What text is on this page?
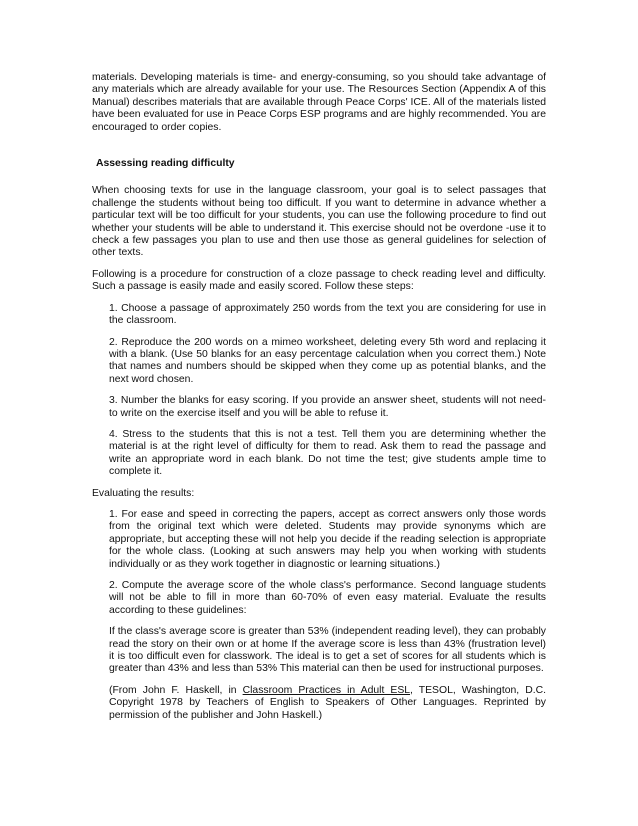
materials. Developing materials is time- and energy-consuming, so you should take advantage of any materials which are already available for your use. The Resources Section (Appendix A of this Manual) describes materials that are available through Peace Corps' ICE. All of the materials listed have been evaluated for use in Peace Corps ESP programs and are highly recommended. You are encouraged to order copies.

Assessing reading difficulty

When choosing texts for use in the language classroom, your goal is to select passages that challenge the students without being too difficult. If you want to determine in advance whether a particular text will be too difficult for your students, you can use the following procedure to find out whether your students will be able to understand it. This exercise should not be overdone -use it to check a few passages you plan to use and then use those as general guidelines for selection of other texts.

Following is a procedure for construction of a cloze passage to check reading level and difficulty. Such a passage is easily made and easily scored. Follow these steps:

1. Choose a passage of approximately 250 words from the text you are considering for use in the classroom.

2. Reproduce the 200 words on a mimeo worksheet, deleting every 5th word and replacing it with a blank. (Use 50 blanks for an easy percentage calculation when you correct them.) Note that names and numbers should be skipped when they come up as potential blanks, and the next word chosen.

3. Number the blanks for easy scoring. If you provide an answer sheet, students will not need-to write on the exercise itself and you will be able to refuse it.

4. Stress to the students that this is not a test. Tell them you are determining whether the material is at the right level of difficulty for them to read. Ask them to read the passage and write an appropriate word in each blank. Do not time the test; give students ample time to complete it.

Evaluating the results:

1. For ease and speed in correcting the papers, accept as correct answers only those words from the original text which were deleted. Students may provide synonyms which are appropriate, but accepting these will not help you decide if the reading selection is appropriate for the whole class. (Looking at such answers may help you when working with students individually or as they work together in diagnostic or learning situations.)

2. Compute the average score of the whole class's performance. Second language students will not be able to fill in more than 60-70% of even easy material. Evaluate the results according to these guidelines:

If the class's average score is greater than 53% (independent reading level), they can probably read the story on their own or at home If the average score is less than 43% (frustration level) it is too difficult even for classwork. The ideal is to get a set of scores for all students which is greater than 43% and less than 53% This material can then be used for instructional purposes.

(From John F. Haskell, in Classroom Practices in Adult ESL, TESOL, Washington, D.C. Copyright 1978 by Teachers of English to Speakers of Other Languages. Reprinted by permission of the publisher and John Haskell.)
